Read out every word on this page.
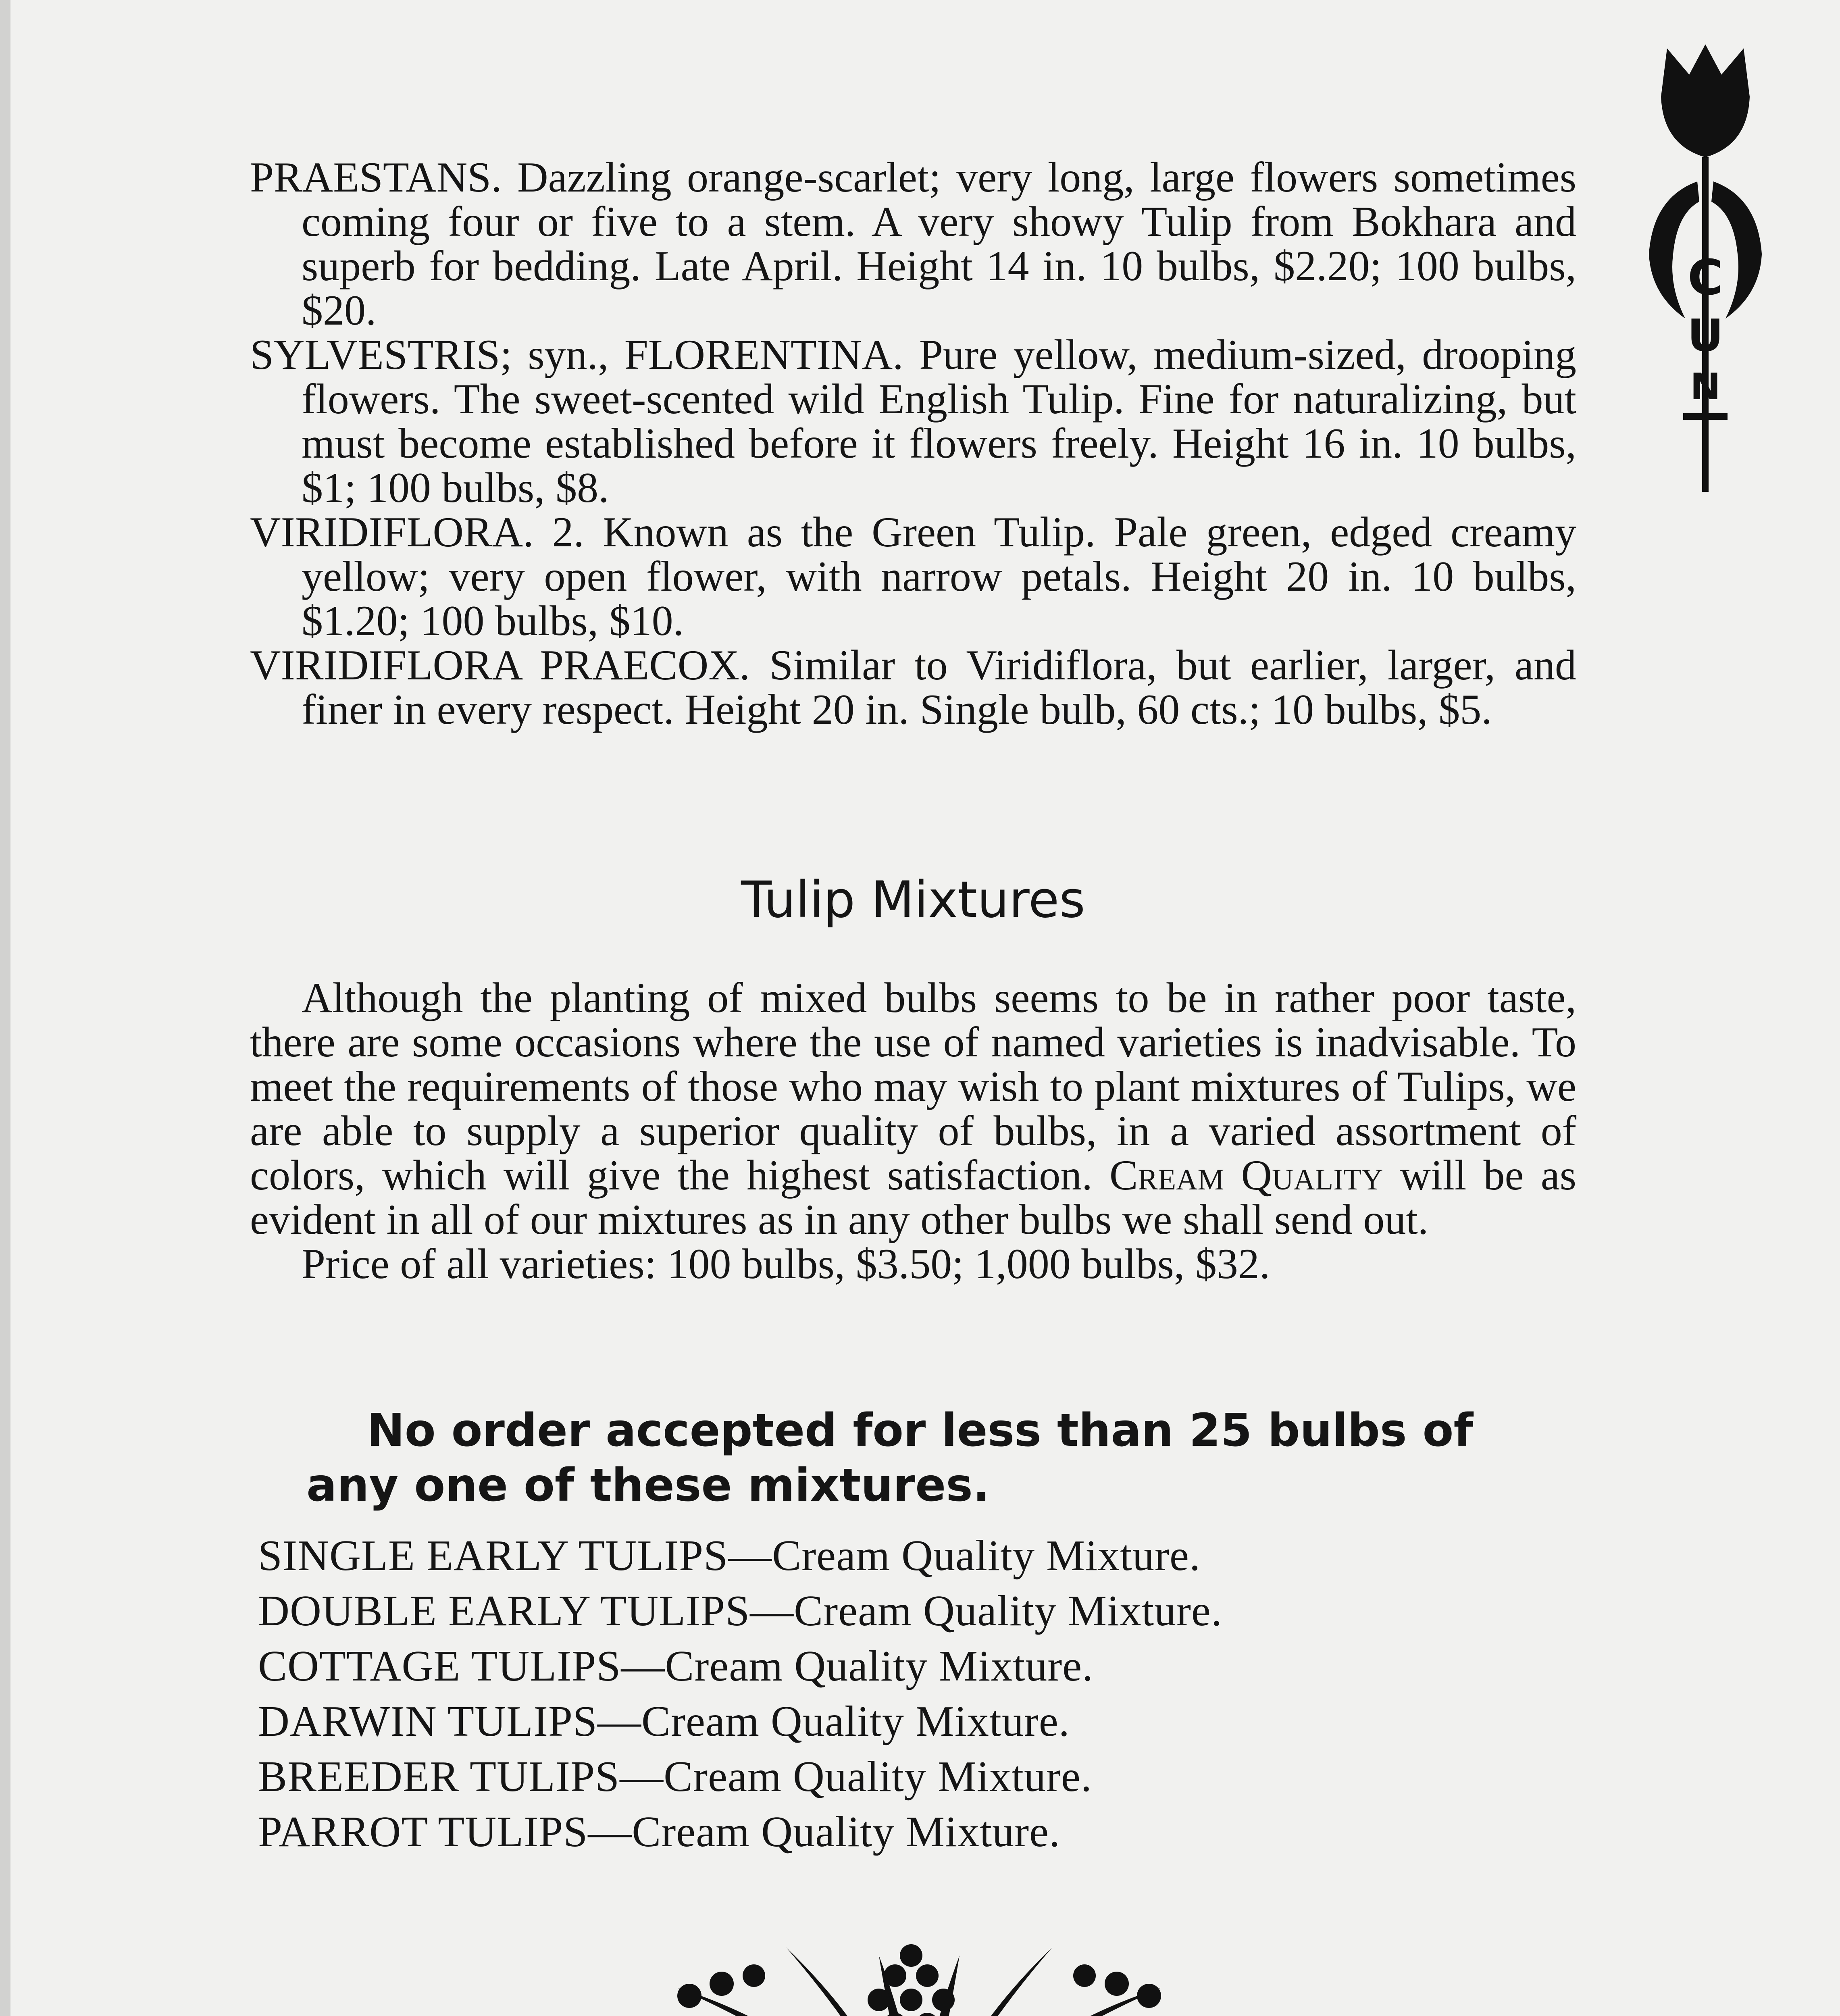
C
U
N

PRAESTANS. Dazzling orange-scarlet; very long, large flowers sometimes coming four or five to a stem. A very showy Tulip from Bokhara and superb for bedding. Late April. Height 14 in. 10 bulbs, $2.20; 100 bulbs, $20.

SYLVESTRIS; syn., FLORENTINA. Pure yellow, medium-sized, drooping flowers. The sweet-scented wild English Tulip. Fine for naturalizing, but must become established before it flowers freely. Height 16 in. 10 bulbs, $1; 100 bulbs, $8.

VIRIDIFLORA. 2. Known as the Green Tulip. Pale green, edged creamy yellow; very open flower, with narrow petals. Height 20 in. 10 bulbs, $1.20; 100 bulbs, $10.

VIRIDIFLORA PRAECOX. Similar to Viridiflora, but earlier, larger, and finer in every respect. Height 20 in. Single bulb, 60 cts.; 10 bulbs, $5.

Tulip Mixtures

Although the planting of mixed bulbs seems to be in rather poor taste, there are some occasions where the use of named varieties is inadvisable. To meet the requirements of those who may wish to plant mixtures of Tulips, we are able to supply a superior quality of bulbs, in a varied assortment of colors, which will give the highest satisfaction. Cream Quality will be as evident in all of our mixtures as in any other bulbs we shall send out.

Price of all varieties: 100 bulbs, $3.50; 1,000 bulbs, $32.

No order accepted for less than 25 bulbs of any one of these mixtures.

SINGLE EARLY TULIPS—Cream Quality Mixture.

DOUBLE EARLY TULIPS—Cream Quality Mixture.

COTTAGE TULIPS—Cream Quality Mixture.

DARWIN TULIPS—Cream Quality Mixture.

BREEDER TULIPS—Cream Quality Mixture.

PARROT TULIPS—Cream Quality Mixture.
